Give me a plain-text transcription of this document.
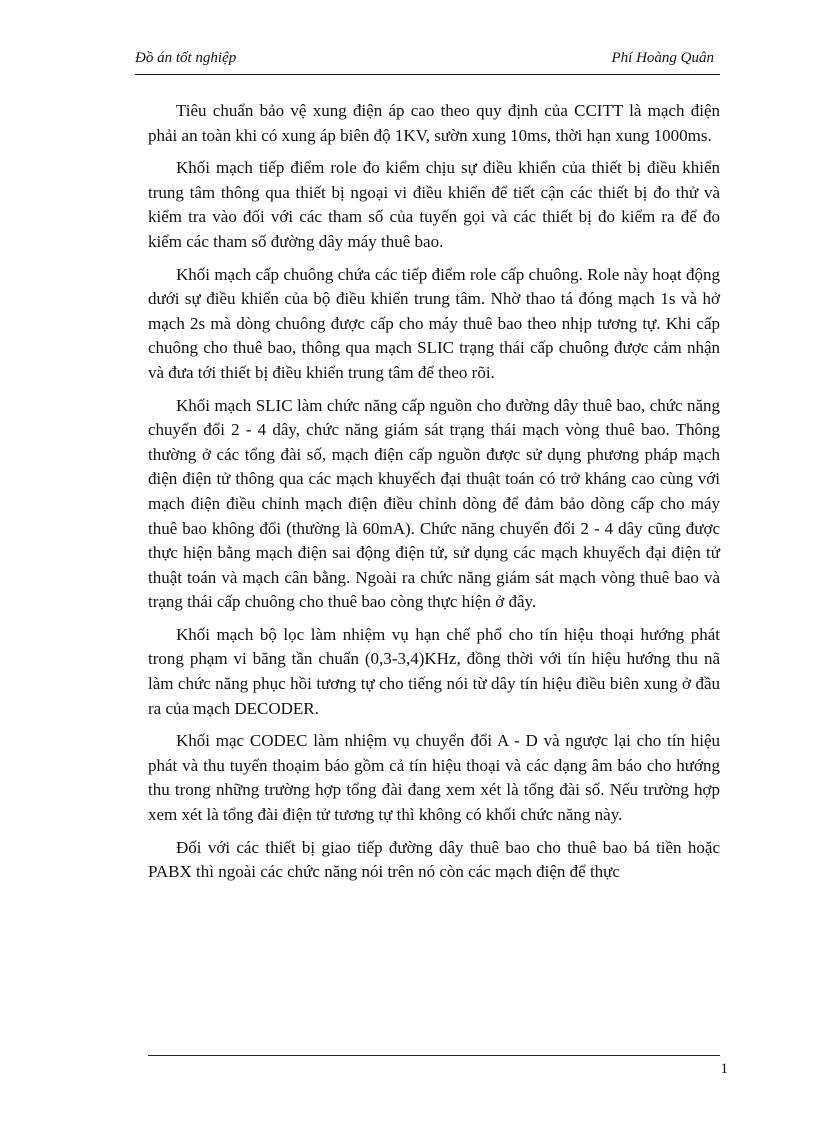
Đồ án tốt nghiệp	Phí Hoàng Quân

Tiêu chuẩn bảo vệ xung điện áp cao theo quy định của CCITT là mạch điện phải an toàn khi có xung áp biên độ 1KV, sườn xung 10ms, thời hạn xung 1000ms.

Khối mạch tiếp điểm role đo kiểm chịu sự điều khiển của thiết bị điều khiển trung tâm thông qua thiết bị ngoại vi điều khiển để tiết cận các thiết bị đo thử và kiểm tra vào đối với các tham số của tuyến gọi và các thiết bị đo kiểm ra để đo kiểm các tham số đường dây máy thuê bao.

Khối mạch cấp chuông chứa các tiếp điểm role cấp chuông. Role này hoạt động dưới sự điều khiển của bộ điều khiển trung tâm. Nhờ thao tá đóng mạch 1s và hở mạch 2s mà dòng chuông được cấp cho máy thuê bao theo nhịp tương tự. Khi cấp chuông cho thuê bao, thông qua mạch SLIC trạng thái cấp chuông được cảm nhận và đưa tới thiết bị điều khiển trung tâm để theo rõi.

Khối mạch SLIC làm chức năng cấp nguồn cho đường dây thuê bao, chức năng chuyển đổi 2 - 4 dây, chức năng giám sát trạng thái mạch vòng thuê bao. Thông thường ở các tổng đài số, mạch điện cấp nguồn được sử dụng phương pháp mạch điện điện tử thông qua các mạch khuyếch đại thuật toán có trở kháng cao cùng với mạch điện điều chỉnh mạch điện điều chỉnh dòng để đảm bảo dòng cấp cho máy thuê bao không đổi (thường là 60mA). Chức năng chuyển đổi 2 - 4 dây cũng được thực hiện bằng mạch điện sai động điện tử, sử dụng các mạch khuyếch đại điện tử thuật toán và mạch cân bằng. Ngoài ra chức năng giám sát mạch vòng thuê bao và trạng thái cấp chuông cho thuê bao còng thực hiện ở đây.

Khối mạch bộ lọc làm nhiệm vụ hạn chế phổ cho tín hiệu thoại hướng phát trong phạm vi băng tần chuẩn (0,3-3,4)KHz, đồng thời với tín hiệu hướng thu nã làm chức năng phục hồi tương tự cho tiếng nói từ dây tín hiệu điều biên xung ở đầu ra của mạch DECODER.

Khối mạc CODEC làm nhiệm vụ chuyển đổi A - D và ngược lại cho tín hiệu phát và thu tuyến thoạim báo gồm cả tín hiệu thoại và các dạng âm báo cho hướng thu trong những trường hợp tổng đài đang xem xét là tổng đài số. Nếu trường hợp xem xét là tổng đài điện tử tương tự thì không có khối chức năng này.

Đối với các thiết bị giao tiếp đường dây thuê bao cho thuê bao bá tiền hoặc PABX thì ngoài các chức năng nói trên nó còn các mạch điện để thực

1
